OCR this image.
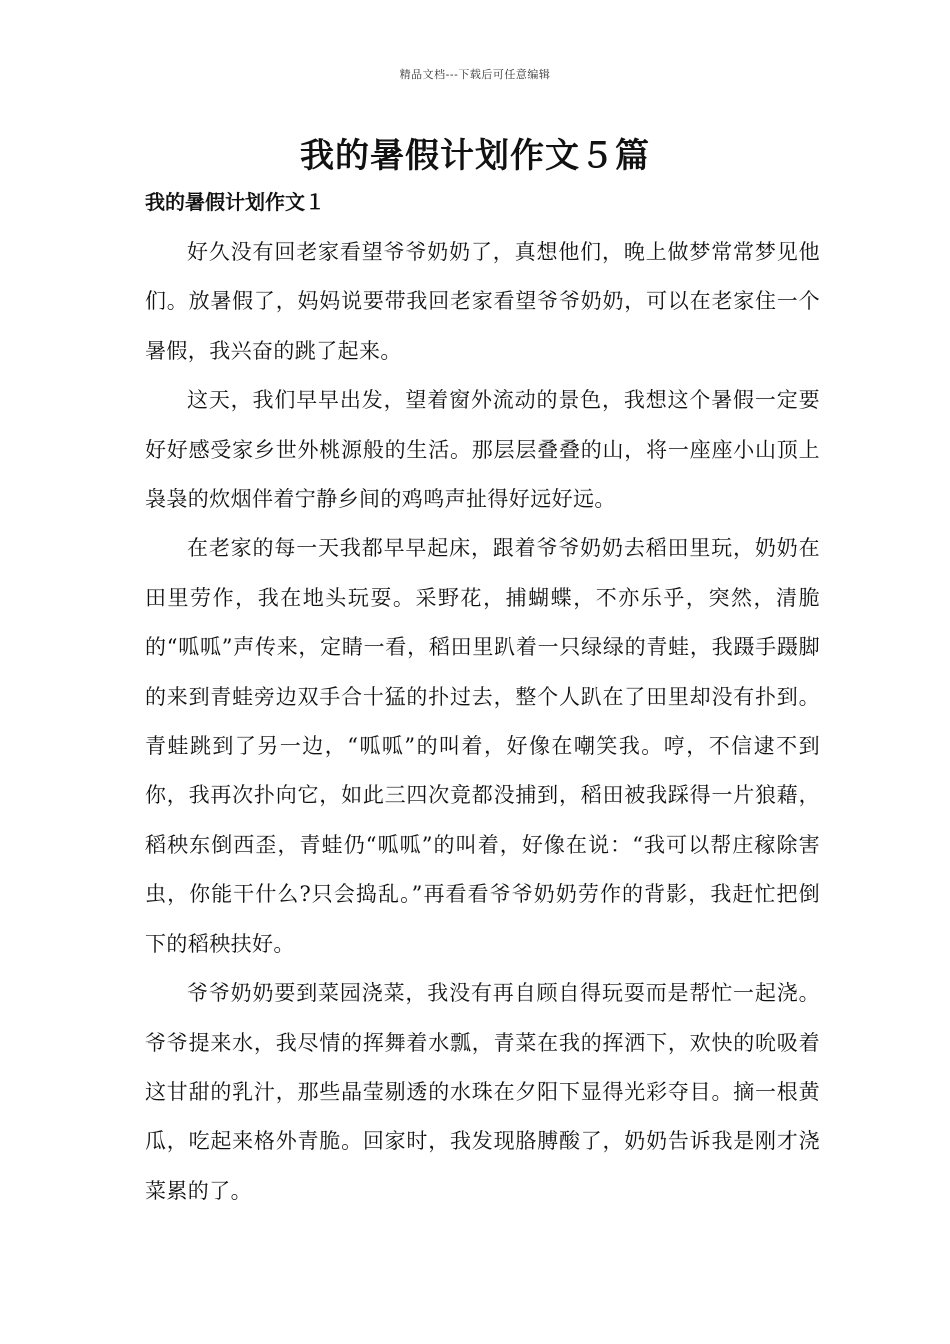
精品文档---下载后可任意编辑
我的暑假计划作文５篇
我的暑假计划作文１

好久没有回老家看望爷爷奶奶了，真想他们，晚上做梦常常梦见他们。放暑假了，妈妈说要带我回老家看望爷爷奶奶，可以在老家住一个暑假，我兴奋的跳了起来。

这天，我们早早出发，望着窗外流动的景色，我想这个暑假一定要好好感受家乡世外桃源般的生活。那层层叠叠的山，将一座座小山顶上袅袅的炊烟伴着宁静乡间的鸡鸣声扯得好远好远。

在老家的每一天我都早早起床，跟着爷爷奶奶去稻田里玩，奶奶在田里劳作，我在地头玩耍。采野花，捕蝴蝶，不亦乐乎，突然，清脆的“呱呱”声传来，定睛一看，稻田里趴着一只绿绿的青蛙，我蹑手蹑脚的来到青蛙旁边双手合十猛的扑过去，整个人趴在了田里却没有扑到。青蛙跳到了另一边，“呱呱”的叫着，好像在嘲笑我。哼，不信逮不到你，我再次扑向它，如此三四次竟都没捕到，稻田被我踩得一片狼藉，稻秧东倒西歪，青蛙仍“呱呱”的叫着，好像在说：“我可以帮庄稼除害虫，你能干什么?只会捣乱。”再看看爷爷奶奶劳作的背影，我赶忙把倒下的稻秧扶好。

爷爷奶奶要到菜园浇菜，我没有再自顾自得玩耍而是帮忙一起浇。爷爷提来水，我尽情的挥舞着水瓢，青菜在我的挥洒下，欢快的吮吸着这甘甜的乳汁，那些晶莹剔透的水珠在夕阳下显得光彩夺目。摘一根黄瓜，吃起来格外青脆。回家时，我发现胳膊酸了，奶奶告诉我是刚才浇菜累的了。
